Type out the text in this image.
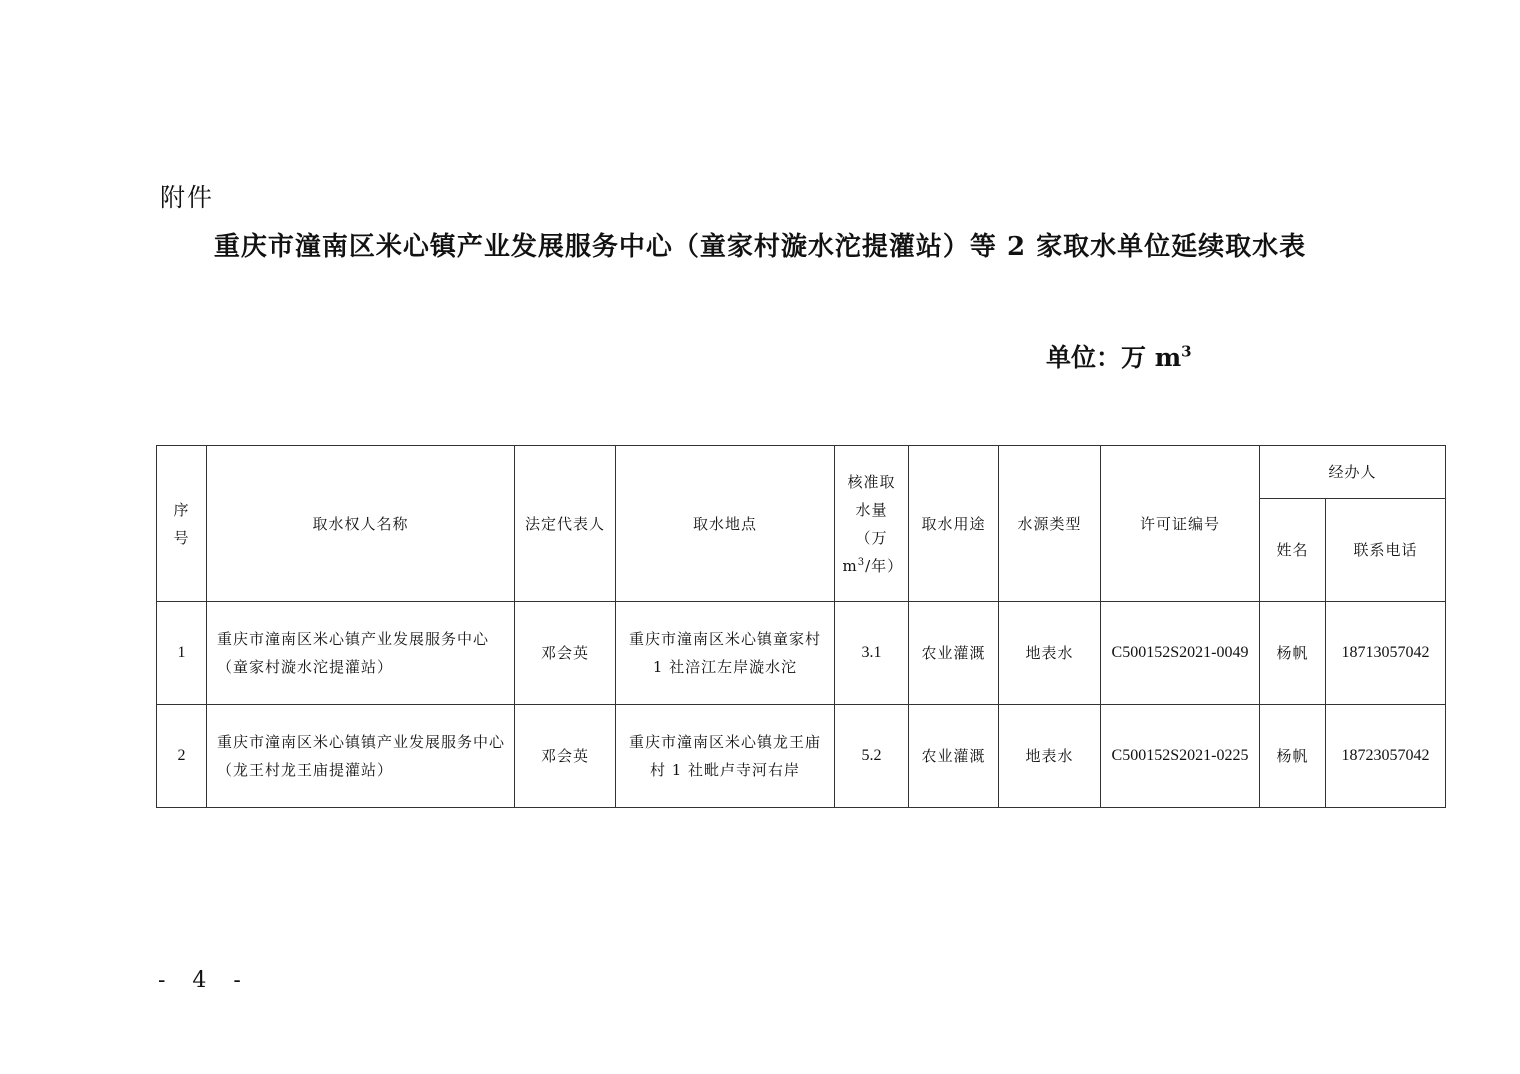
附件
重庆市潼南区米心镇产业发展服务中心（童家村漩水沱提灌站）等 2 家取水单位延续取水表
单位：万 $m^3$
序号	取水权人名称	法定代表人	取水地点	核准取水量（万$m^3/$年）	取水用途	水源类型	许可证编号	经办人	
								姓名	联系电话
1	重庆市潼南区米心镇产业发展服务中心（童家村漩水沱提灌站）	邓会英	重庆市潼南区米心镇童家村 1 社涪江左岸漩水沱	3.1	农业灌溉	地表水	C500152S2021-0049	杨帆	18713057042
2	重庆市潼南区米心镇镇产业发展服务中心（龙王村龙王庙提灌站）	邓会英	重庆市潼南区米心镇龙王庙村 1 社毗卢寺河右岸	5.2	农业灌溉	地表水	C500152S2021-0225	杨帆	18723057042
- 4 -
